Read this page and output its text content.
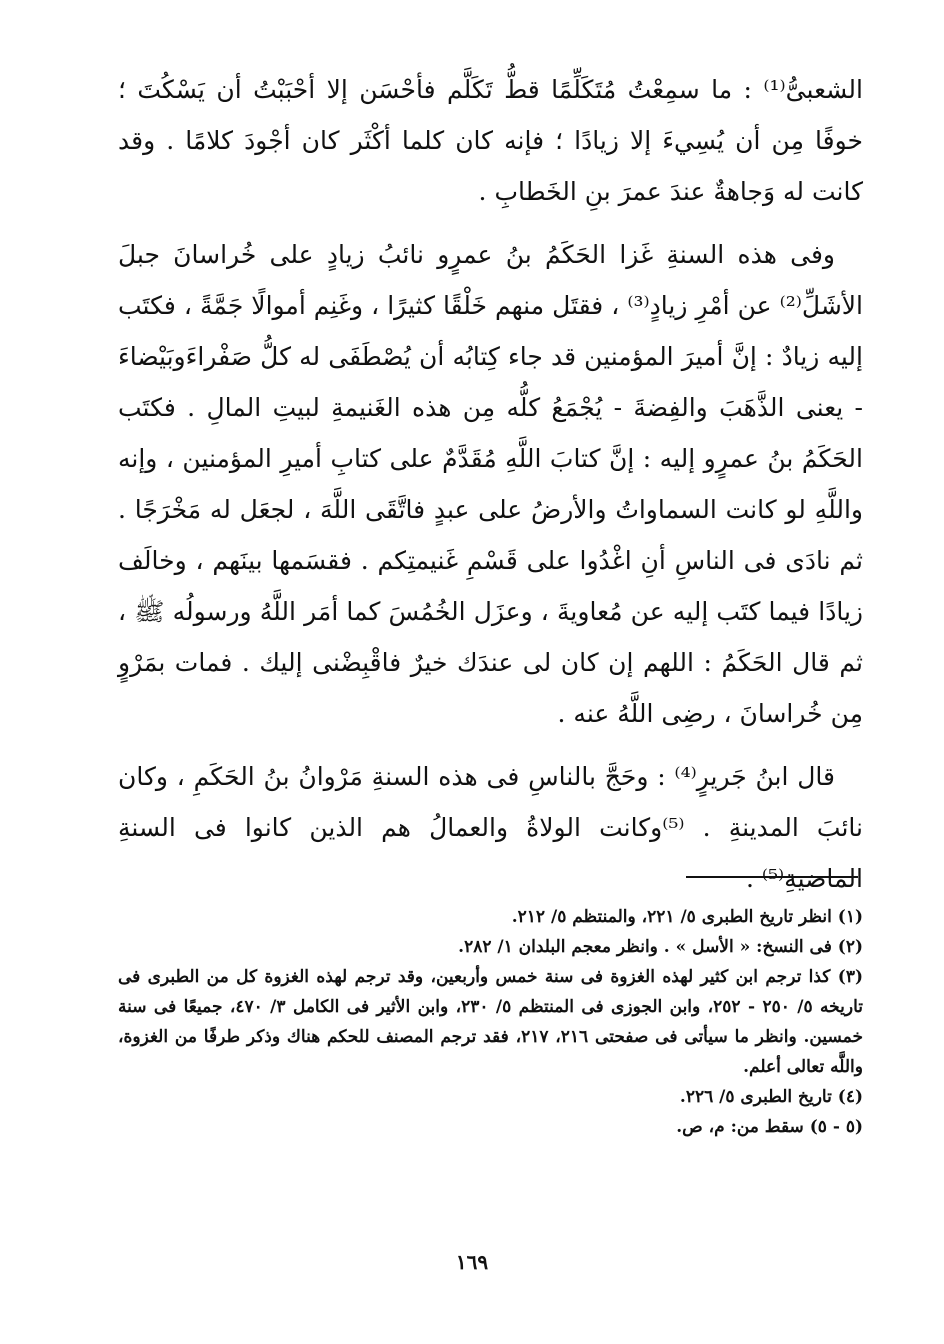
الشعبىُّ⁽¹⁾ : ما سمِعْتُ مُتَكَلِّمًا قطُّ تَكَلَّم فأحْسَن إلا أحْبَبْتُ أن يَسْكُتَ ؛ خوفًا مِن أن يُسِيءَ إلا زيادًا ؛ فإنه كان كلما أكْثَر كان أجْودَ كلامًا . وقد كانت له وَجاهةٌ عندَ عمرَ بنِ الخَطابِ .

وفى هذه السنةِ غَزا الحَكَمُ بنُ عمرٍو نائبُ زيادٍ على خُراسانَ جبلَ الأشَلِّ⁽²⁾ عن أمْرِ زيادٍ⁽³⁾ ، فقتَل منهم خَلْقًا كثيرًا ، وغَنِم أموالًا جَمَّةً ، فكتَب إليه زيادٌ : إنَّ أميرَ المؤمنين قد جاء كِتابُه أن يُصْطَفَى له كلُّ صَفْراءَوبَيْضاءَ - يعنى الذَّهَبَ والفِضةَ - يُجْمَعُ كلُّه مِن هذه الغَنيمةِ لبيتِ المالِ . فكتَب الحَكَمُ بنُ عمرٍو إليه : إنَّ كتابَ اللَّهِ مُقَدَّمٌ على كتابِ أميرِ المؤمنين ، وإنه واللَّهِ لو كانت السماواتُ والأرضُ على عبدٍ فاتَّقَى اللَّهَ ، لجعَل له مَخْرَجًا . ثم نادَى فى الناسِ أنِ اغْدُوا على قَسْمِ غَنيمتِكم . فقسَمها بينَهم ، وخالَف زيادًا فيما كتَب إليه عن مُعاويةَ ، وعزَل الخُمُسَ كما أمَر اللَّهُ ورسولُه ﷺ ، ثم قال الحَكَمُ : اللهم إن كان لى عندَك خيرٌ فاقْبِضْنى إليك . فمات بمَرْوٍ مِن خُراسانَ ، رضِى اللَّهُ عنه .

قال ابنُ جَريرٍ⁽⁴⁾ : وحَجَّ بالناسِ فى هذه السنةِ مَرْوانُ بنُ الحَكَمِ ، وكان نائبَ المدينةِ . ⁽⁵⁾وكانت الولاةُ والعمالُ هم الذين كانوا فى السنةِ الماضيةِ⁽⁵⁾ .

(١) انظر تاريخ الطبرى ٥/ ٢٢١، والمنتظم ٥/ ٢١٢.

(٢) فى النسخ: « الأسل » . وانظر معجم البلدان ١/ ٢٨٢.

(٣) كذا ترجم ابن كثير لهذه الغزوة فى سنة خمس وأربعين، وقد ترجم لهذه الغزوة كل من الطبرى فى تاريخه ٥/ ٢٥٠ - ٢٥٢، وابن الجوزى فى المنتظم ٥/ ٢٣٠، وابن الأثير فى الكامل ٣/ ٤٧٠، جميعًا فى سنة خمسين. وانظر ما سيأتى فى صفحتى ٢١٦، ٢١٧، فقد ترجم المصنف للحكم هناك وذكر طرفًا من الغزوة، واللَّه تعالى أعلم.

(٤) تاريخ الطبرى ٥/ ٢٢٦.

(٥ - ٥) سقط من: م، ص.

١٦٩
